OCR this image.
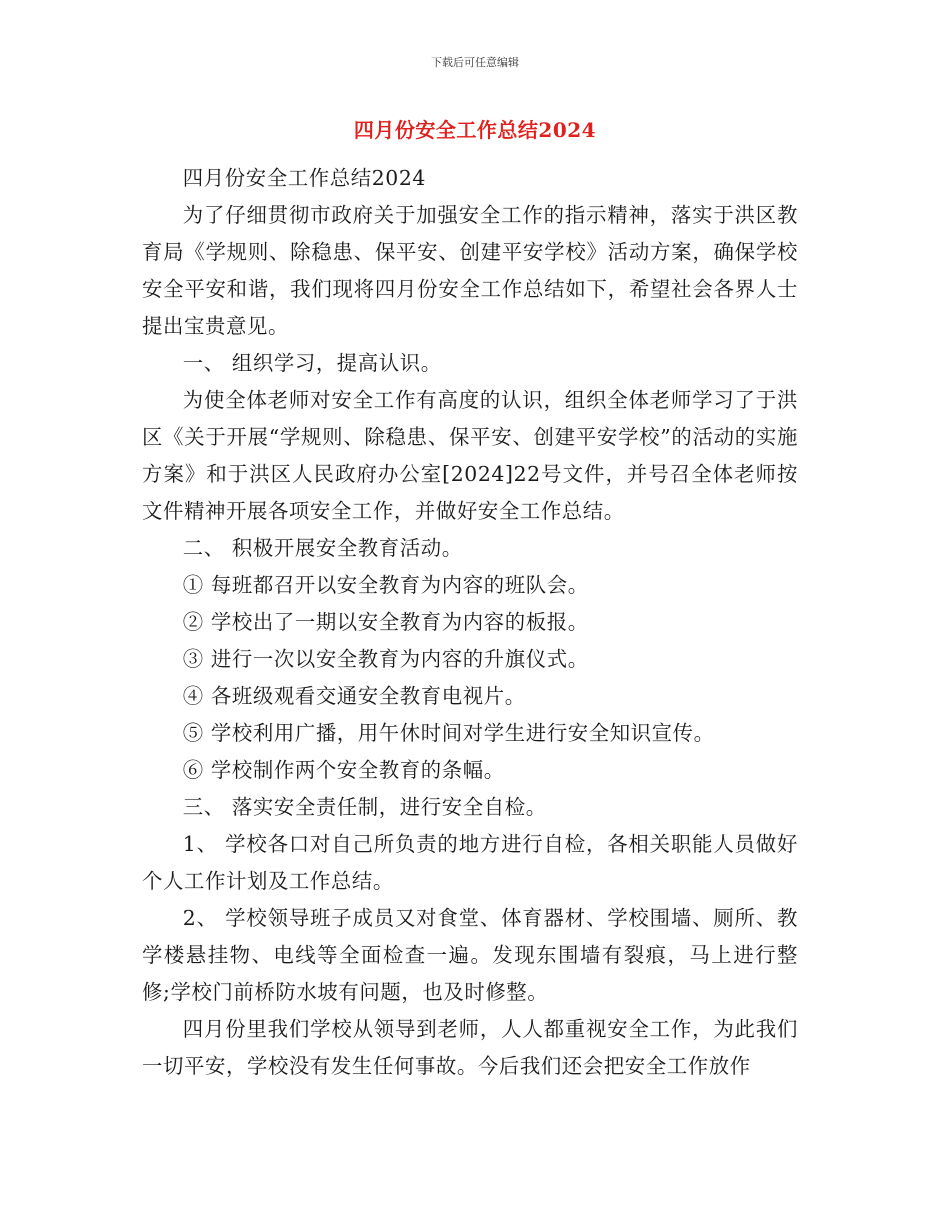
下载后可任意编辑
四月份安全工作总结2024

四月份安全工作总结2024

为了仔细贯彻市政府关于加强安全工作的指示精神，落实于洪区教育局《学规则、除稳患、保平安、创建平安学校》活动方案，确保学校安全平安和谐，我们现将四月份安全工作总结如下，希望社会各界人士提出宝贵意见。

一、 组织学习，提高认识。

为使全体老师对安全工作有高度的认识，组织全体老师学习了于洪区《关于开展“学规则、除稳患、保平安、创建平安学校”的活动的实施方案》和于洪区人民政府办公室[2024]22号文件，并号召全体老师按文件精神开展各项安全工作，并做好安全工作总结。

二、 积极开展安全教育活动。

① 每班都召开以安全教育为内容的班队会。

② 学校出了一期以安全教育为内容的板报。

③ 进行一次以安全教育为内容的升旗仪式。

④ 各班级观看交通安全教育电视片。

⑤ 学校利用广播，用午休时间对学生进行安全知识宣传。

⑥ 学校制作两个安全教育的条幅。

三、 落实安全责任制，进行安全自检。

1、 学校各口对自己所负责的地方进行自检，各相关职能人员做好个人工作计划及工作总结。

2、 学校领导班子成员又对食堂、体育器材、学校围墙、厕所、教学楼悬挂物、电线等全面检查一遍。发现东围墙有裂痕，马上进行整修;学校门前桥防水坡有问题，也及时修整。

四月份里我们学校从领导到老师，人人都重视安全工作，为此我们一切平安，学校没有发生任何事故。今后我们还会把安全工作放作
